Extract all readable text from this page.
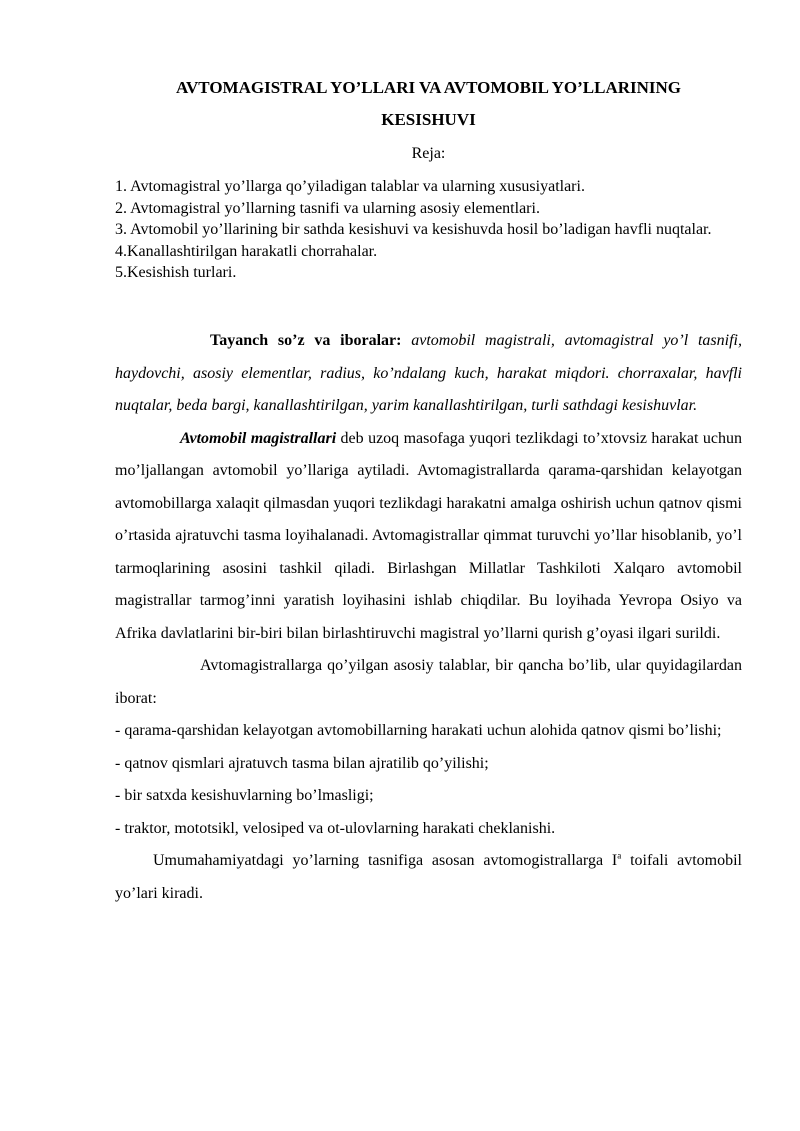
AVTOMAGISTRAL YO’LLARI VA AVTOMOBIL YO’LLARINING
KESISHUVI
Reja:
1. Avtomagistral yo’llarga qo’yiladigan talablar va ularning xususiyatlari.
2. Avtomagistral yo’llarning tasnifi va ularning asosiy elementlari.
3. Avtomobil yo’llarining bir sathda kesishuvi va kesishuvda hosil bo’ladigan havfli nuqtalar.
4.Kanallashtirilgan harakatli chorrahalar.
5.Kesishish turlari.

Tayanch so’z va iboralar: avtomobil magistrali, avtomagistral yo’l tasnifi, haydovchi, asosiy elementlar, radius, ko’ndalang kuch, harakat miqdori. chorraxalar, havfli nuqtalar, beda bargi, kanallashtirilgan, yarim kanallashtirilgan, turli sathdagi kesishuvlar.

Avtomobil magistrallari deb uzoq masofaga yuqori tezlikdagi to’xtovsiz harakat uchun mo’ljallangan avtomobil yo’llariga aytiladi. Avtomagistrallarda qarama-qarshidan kelayotgan avtomobillarga xalaqit qilmasdan yuqori tezlikdagi harakatni amalga oshirish uchun qatnov qismi o’rtasida ajratuvchi tasma loyihalanadi. Avtomagistrallar qimmat turuvchi yo’llar hisoblanib, yo’l tarmoqlarining asosini tashkil qiladi. Birlashgan Millatlar Tashkiloti Xalqaro avtomobil magistrallar tarmog’inni yaratish loyihasini ishlab chiqdilar. Bu loyihada Yevropa Osiyo va Afrika davlatlarini bir-biri bilan birlashtiruvchi magistral yo’llarni qurish g’oyasi ilgari surildi.

Avtomagistrallarga qo’yilgan asosiy talablar, bir qancha bo’lib, ular quyidagilardan iborat:

- qarama-qarshidan kelayotgan avtomobillarning harakati uchun alohida qatnov qismi bo’lishi;

- qatnov qismlari ajratuvch tasma bilan ajratilib qo’yilishi;

- bir satxda kesishuvlarning bo’lmasligi;

- traktor, mototsikl, velosiped va ot-ulovlarning harakati cheklanishi.

Umumahamiyatdagi yo’larning tasnifiga asosan avtomogistrallarga $I^a$ toifali avtomobil yo’lari kiradi.
